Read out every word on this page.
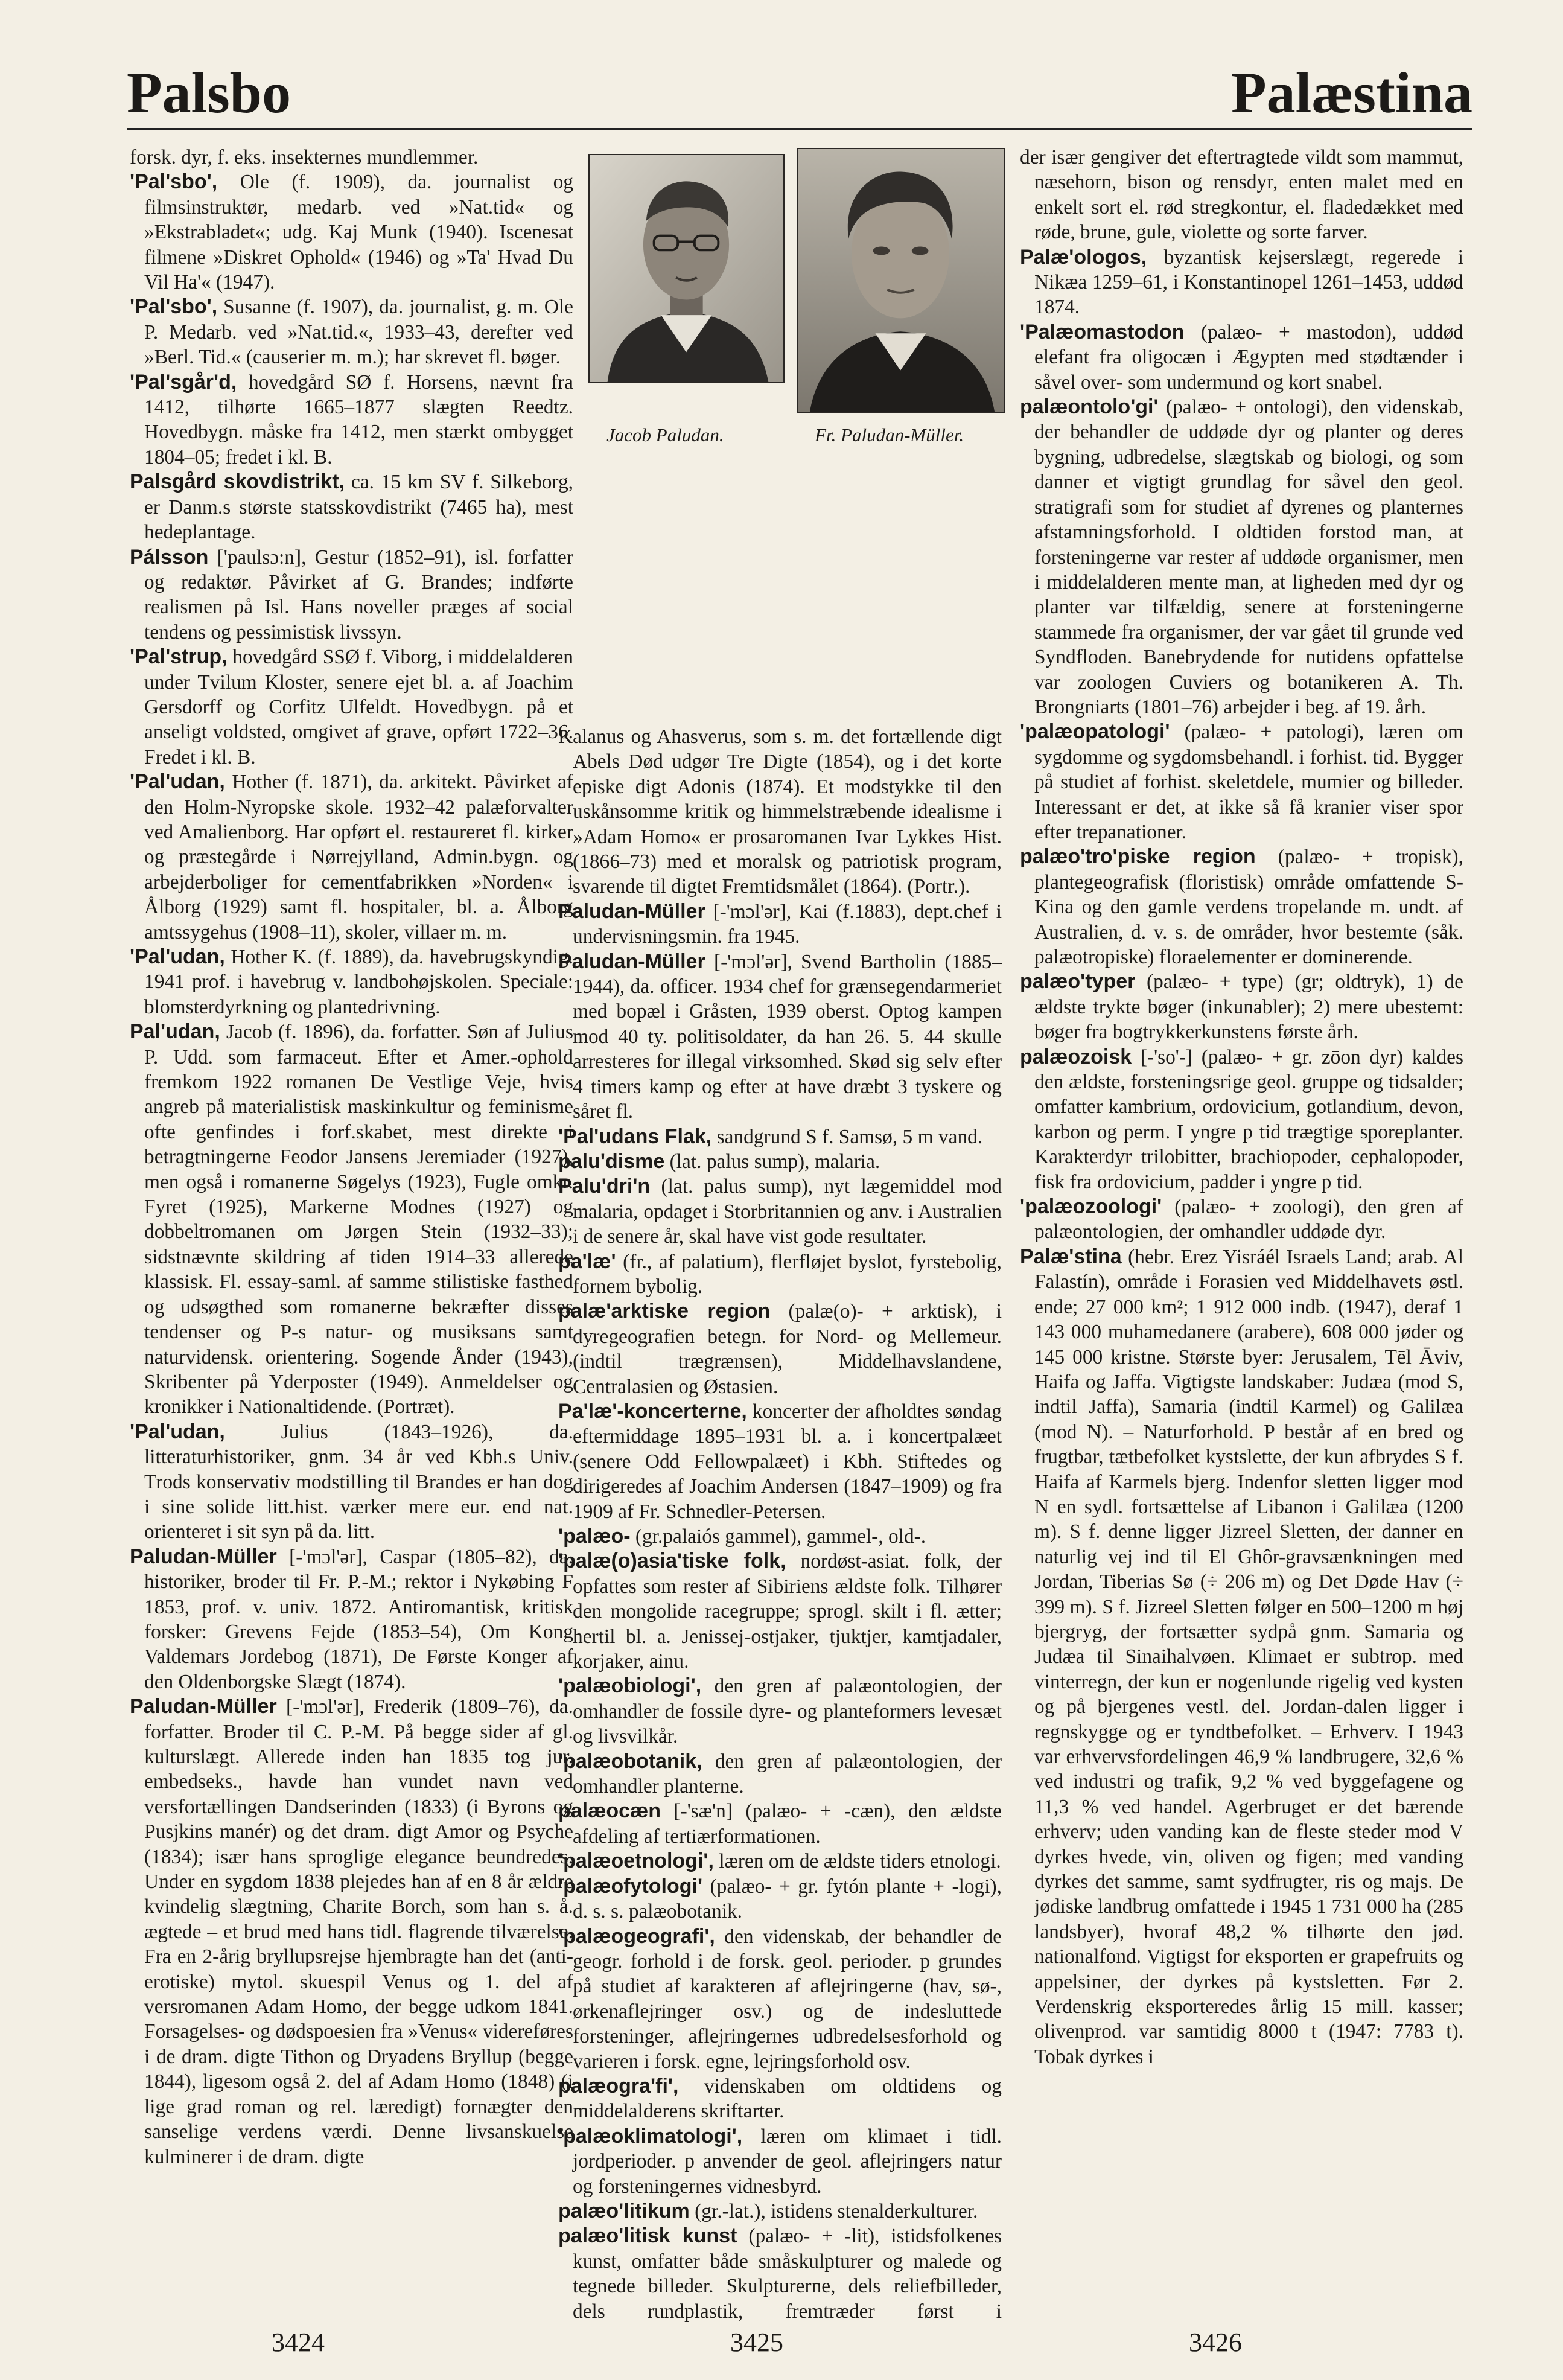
Palsbo	Palæstina
forsk. dyr, f. eks. insekternes mundlemmer.
'Pal'sbo', Ole (f. 1909), da. journalist og filmsinstruktør, medarb. ved »Nat.tid« og »Ekstrabladet«; udg. Kaj Munk (1940). Iscenesat filmene »Diskret Ophold« (1946) og »Ta' Hvad Du Vil Ha'« (1947).
'Pal'sbo', Susanne (f. 1907), da. journalist, g. m. Ole P. Medarb. ved »Nat.tid.«, 1933–43, derefter ved »Berl. Tid.« (causerier m. m.); har skrevet fl. bøger.
'Pal'sgår'd, hovedgård SØ f. Horsens, nævnt fra 1412, tilhørte 1665–1877 slægten Reedtz. Hovedbygn. måske fra 1412, men stærkt ombygget 1804–05; fredet i kl. B.
Palsgård skovdistrikt, ca. 15 km SV f. Silkeborg, er Danm.s største statsskovdistrikt (7465 ha), mest hedeplantage.
Pálsson ['paulsɔ:n], Gestur (1852–91), isl. forfatter og redaktør. Påvirket af G. Brandes; indførte realismen på Isl. Hans noveller præges af social tendens og pessimistisk livssyn.
'Pal'strup, hovedgård SSØ f. Viborg, i middelalderen under Tvilum Kloster, senere ejet bl. a. af Joachim Gersdorff og Corfitz Ulfeldt. Hovedbygn. på et anseligt voldsted, omgivet af grave, opført 1722–36. Fredet i kl. B.
'Pal'udan, Hother (f. 1871), da. arkitekt. Påvirket af den Holm-Nyropske skole. 1932–42 palæforvalter ved Amalienborg. Har opført el. restaureret fl. kirker og præstegårde i Nørrejylland, Admin.bygn. og arbejderboliger for cementfabrikken »Norden« i Ålborg (1929) samt fl. hospitaler, bl. a. Ålborg amtssygehus (1908–11), skoler, villaer m. m.
'Pal'udan, Hother K. (f. 1889), da. havebrugskyndig. 1941 prof. i havebrug v. landbohøjskolen. Speciale: blomsterdyrkning og plantedrivning.
Pal'udan, Jacob (f. 1896), da. forfatter. Søn af Julius P. Udd. som farmaceut. Efter et Amer.-ophold fremkom 1922 romanen De Vestlige Veje, hvis angreb på materialistisk maskinkultur og feminisme ofte genfindes i forf.skabet, mest direkte i betragtningerne Feodor Jansens Jeremiader (1927), men også i romanerne Søgelys (1923), Fugle omkr. Fyret (1925), Markerne Modnes (1927) og dobbeltromanen om Jørgen Stein (1932–33); sidstnævnte skildring af tiden 1914–33 allerede klassisk. Fl. essay-saml. af samme stilistiske fasthed og udsøgthed som romanerne bekræfter disses tendenser og P-s natur- og musiksans samt naturvidensk. orientering. Sogende Ånder (1943), Skribenter på Yderposter (1949). Anmeldelser og kronikker i Nationaltidende. (Portræt).
'Pal'udan,	Julius (1843–1926), da. litteraturhistoriker, gnm. 34 år ved Kbh.s Univ. Trods konservativ modstilling til Brandes er han dog i sine solide litt.hist. værker mere eur. end nat. orienteret i sit syn på da. litt.
Paludan-Müller [-'mɔl'ər], Caspar (1805–82), da. historiker, broder til Fr. P.-M.; rektor i Nykøbing F 1853, prof. v. univ. 1872. Antiromantisk, kritisk forsker: Grevens Fejde (1853–54), Om Kong Valdemars Jordebog (1871), De Første Konger af den Oldenborgske Slægt (1874).
Paludan-Müller [-'mɔl'ər], Frederik (1809–76), da. forfatter. Broder til C. P.-M. På begge sider af gl. kulturslægt. Allerede inden han 1835 tog jur. embedseks., havde han vundet navn ved versfortællingen Dandserinden (1833) (i Byrons og Pusjkins manér) og det dram. digt Amor og Psyche (1834); især hans sproglige elegance beundredes. Under en sygdom 1838 plejedes han af en 8 år ældre kvindelig slægtning, Charite Borch, som han s. å. ægtede – et brud med hans tidl. flagrende tilværelse. Fra en 2-årig bryllupsrejse hjembragte han det (anti-erotiske) mytol. skuespil Venus og 1. del af versromanen Adam Homo, der begge udkom 1841. Forsagelses- og dødspoesien fra »Venus« videreføres i de dram. digte Tithon og Dryadens Bryllup (begge 1844), ligesom også 2. del af Adam Homo (1848) (i lige grad roman og rel. læredigt) fornægter den sanselige verdens værdi. Denne livsanskuelse kulminerer i de dram. digte
Jacob Paludan.	Fr. Paludan-Müller.
Kalanus og Ahasverus, som s. m. det fortællende digt Abels Død udgør Tre Digte (1854), og i det korte episke digt Adonis (1874). Et modstykke til den uskånsomme kritik og himmelstræbende idealisme i »Adam Homo« er prosaromanen Ivar Lykkes Hist. (1866–73) med et moralsk og patriotisk program, svarende til digtet Fremtidsmålet (1864). (Portr.).
Paludan-Müller [-'mɔl'ər], Kai (f.1883), dept.chef i undervisningsmin. fra 1945.
Paludan-Müller [-'mɔl'ər], Svend Bartholin (1885–1944), da. officer. 1934 chef for grænsegendarmeriet med bopæl i Gråsten, 1939 oberst. Optog kampen mod 40 ty. politisoldater, da han 26. 5. 44 skulle arresteres for illegal virksomhed. Skød sig selv efter 4 timers kamp og efter at have dræbt 3 tyskere og såret fl.
'Pal'udans Flak, sandgrund S f. Samsø, 5 m vand.
palu'disme (lat. palus sump), malaria.
Palu'dri'n (lat. palus sump), nyt lægemiddel mod malaria, opdaget i Storbritannien og anv. i Australien i de senere år, skal have vist gode resultater.
pa'læ' (fr., af palatium), flerfløjet byslot, fyrstebolig, fornem bybolig.
palæ'arktiske region (palæ(o)- + arktisk), i dyregeografien betegn. for Nord- og Mellemeur. (indtil trægrænsen), Middelhavslandene, Centralasien og Østasien.
Pa'læ'-koncerterne, koncerter der afholdtes søndag eftermiddage 1895–1931 bl. a. i koncertpalæet (senere Odd Fellowpalæet) i Kbh. Stiftedes og dirigeredes af Joachim Andersen (1847–1909) og fra 1909 af Fr. Schnedler-Petersen.
'palæo- (gr.palaiós gammel), gammel-, old-.
'palæ(o)asia'tiske folk, nordøst-asiat. folk, der opfattes som rester af Sibiriens ældste folk. Tilhører den mongolide racegruppe; sprogl. skilt i fl. ætter; hertil bl. a. Jenissej-ostjaker, tjuktjer, kamtjadaler, korjaker, ainu.
'palæobiologi', den gren af palæontologien, der omhandler de fossile dyre- og planteformers levesæt og livsvilkår.
'palæobotanik, den gren af palæontologien, der omhandler planterne.
palæocæn [-'sæ'n] (palæo- + -cæn), den ældste afdeling af tertiærformationen.
'palæoetnologi', læren om de ældste tiders etnologi.
'palæofytologi' (palæo- + gr. fytón plante + -logi), d. s. s. palæobotanik.
'palæogeografi', den videnskab, der behandler de geogr. forhold i de forsk. geol. perioder. p grundes på studiet af karakteren af aflejringerne (hav, sø-, ørkenaflejringer osv.) og de indesluttede forsteninger, aflejringernes udbredelsesforhold og varieren i forsk. egne, lejringsforhold osv.
palæogra'fi', videnskaben om oldtidens og middelalderens skriftarter.
'palæoklimatologi', læren om klimaet i tidl. jordperioder. p anvender de geol. aflejringers natur og forsteningernes vidnesbyrd.
palæo'litikum (gr.-lat.), istidens stenalderkulturer.
palæo'litisk kunst (palæo- + -lit), istidsfolkenes kunst, omfatter både småskulpturer og malede og tegnede billeder. Skulpturerne, dels reliefbilleder, dels rundplastik, fremtræder først i
der især gengiver det eftertragtede vildt som mammut, næsehorn, bison og rensdyr, enten malet med en enkelt sort el. rød stregkontur, el. fladedækket med røde, brune, gule, violette og sorte farver.
Palæ'ologos, byzantisk kejserslægt, regerede i Nikæa 1259–61, i Konstantinopel 1261–1453, uddød 1874.
'Palæomastodon (palæo- + mastodon), uddød elefant fra oligocæn i Ægypten med stødtænder i såvel over- som undermund og kort snabel.
palæontolo'gi' (palæo- + ontologi), den videnskab, der behandler de uddøde dyr og planter og deres bygning, udbredelse, slægtskab og biologi, og som danner et vigtigt grundlag for såvel den geol. stratigrafi som for studiet af dyrenes og planternes afstamningsforhold. I oldtiden forstod man, at forsteningerne var rester af uddøde organismer, men i middelalderen mente man, at ligheden med dyr og planter var tilfældig, senere at forsteningerne stammede fra organismer, der var gået til grunde ved Syndfloden. Banebrydende for nutidens opfattelse var zoologen Cuviers og botanikeren A. Th. Brongniarts (1801–76) arbejder i beg. af 19. årh.
'palæopatologi' (palæo- + patologi), læren om sygdomme og sygdomsbehandl. i forhist. tid. Bygger på studiet af forhist. skeletdele, mumier og billeder. Interessant er det, at ikke så få kranier viser spor efter trepanationer.
palæo'tro'piske region (palæo- + tropisk), plantegeografisk (floristisk) område omfattende S-Kina og den gamle verdens tropelande m. undt. af Australien, d. v. s. de områder, hvor bestemte (såk. palæotropiske) floraelementer er dominerende.
palæo'typer (palæo- + type) (gr; oldtryk), 1) de ældste trykte bøger (inkunabler); 2) mere ubestemt: bøger fra bogtrykkerkunstens første årh.
palæozoisk [-'so'-] (palæo- + gr. zōon dyr) kaldes den ældste, forsteningsrige geol. gruppe og tidsalder; omfatter kambrium, ordovicium, gotlandium, devon, karbon og perm. I yngre p tid trægtige sporeplanter. Karakterdyr trilobitter, brachiopoder, cephalopoder, fisk fra ordovicium, padder i yngre p tid.
'palæozoologi' (palæo- + zoologi), den gren af palæontologien, der omhandler uddøde dyr.
Palæ'stina (hebr. Erez Yisráél Israels Land; arab. Al Falastín), område i Forasien ved Middelhavets østl. ende; 27 000 km²; 1 912 000 indb. (1947), deraf 1 143 000 muhamedanere (arabere), 608 000 jøder og 145 000 kristne. Største byer: Jerusalem, Tēl Āviv, Haifa og Jaffa. Vigtigste landskaber: Judæa (mod S, indtil Jaffa), Samaria (indtil Karmel) og Galilæa (mod N). – Naturforhold. P består af en bred og frugtbar, tætbefolket kystslette, der kun afbrydes S f. Haifa af Karmels bjerg. Indenfor sletten ligger mod N en sydl. fortsættelse af Libanon i Galilæa (1200 m). S f. denne ligger Jizreel Sletten, der danner en naturlig vej ind til El Ghôr-gravsænkningen med Jordan, Tiberias Sø (÷ 206 m) og Det Døde Hav (÷ 399 m). S f. Jizreel Sletten følger en 500–1200 m høj bjergryg, der fortsætter sydpå gnm. Samaria og Judæa til Sinaihalvøen. Klimaet er subtrop. med vinterregn, der kun er nogenlunde rigelig ved kysten og på bjergenes vestl. del. Jordan-dalen ligger i regnskygge og er tyndtbefolket. – Erhverv. I 1943 var erhvervsfordelingen 46,9 % landbrugere, 32,6 % ved industri og trafik, 9,2 % ved byggefagene og 11,3 % ved handel. Agerbruget er det bærende erhverv; uden vanding kan de fleste steder mod V dyrkes hvede, vin, oliven og figen; med vanding dyrkes det samme, samt sydfrugter, ris og majs. De jødiske landbrug omfattede i 1945 1 731 000 ha (285 landsbyer), hvoraf 48,2 % tilhørte den jød. nationalfond. Vigtigst for eksporten er grapefruits og appelsiner, der dyrkes på kystsletten. Før 2. Verdenskrig eksporteredes årlig 15 mill. kasser; olivenprod. var samtidig 8000 t (1947: 7783 t). Tobak dyrkes i
3424	3425	3426
